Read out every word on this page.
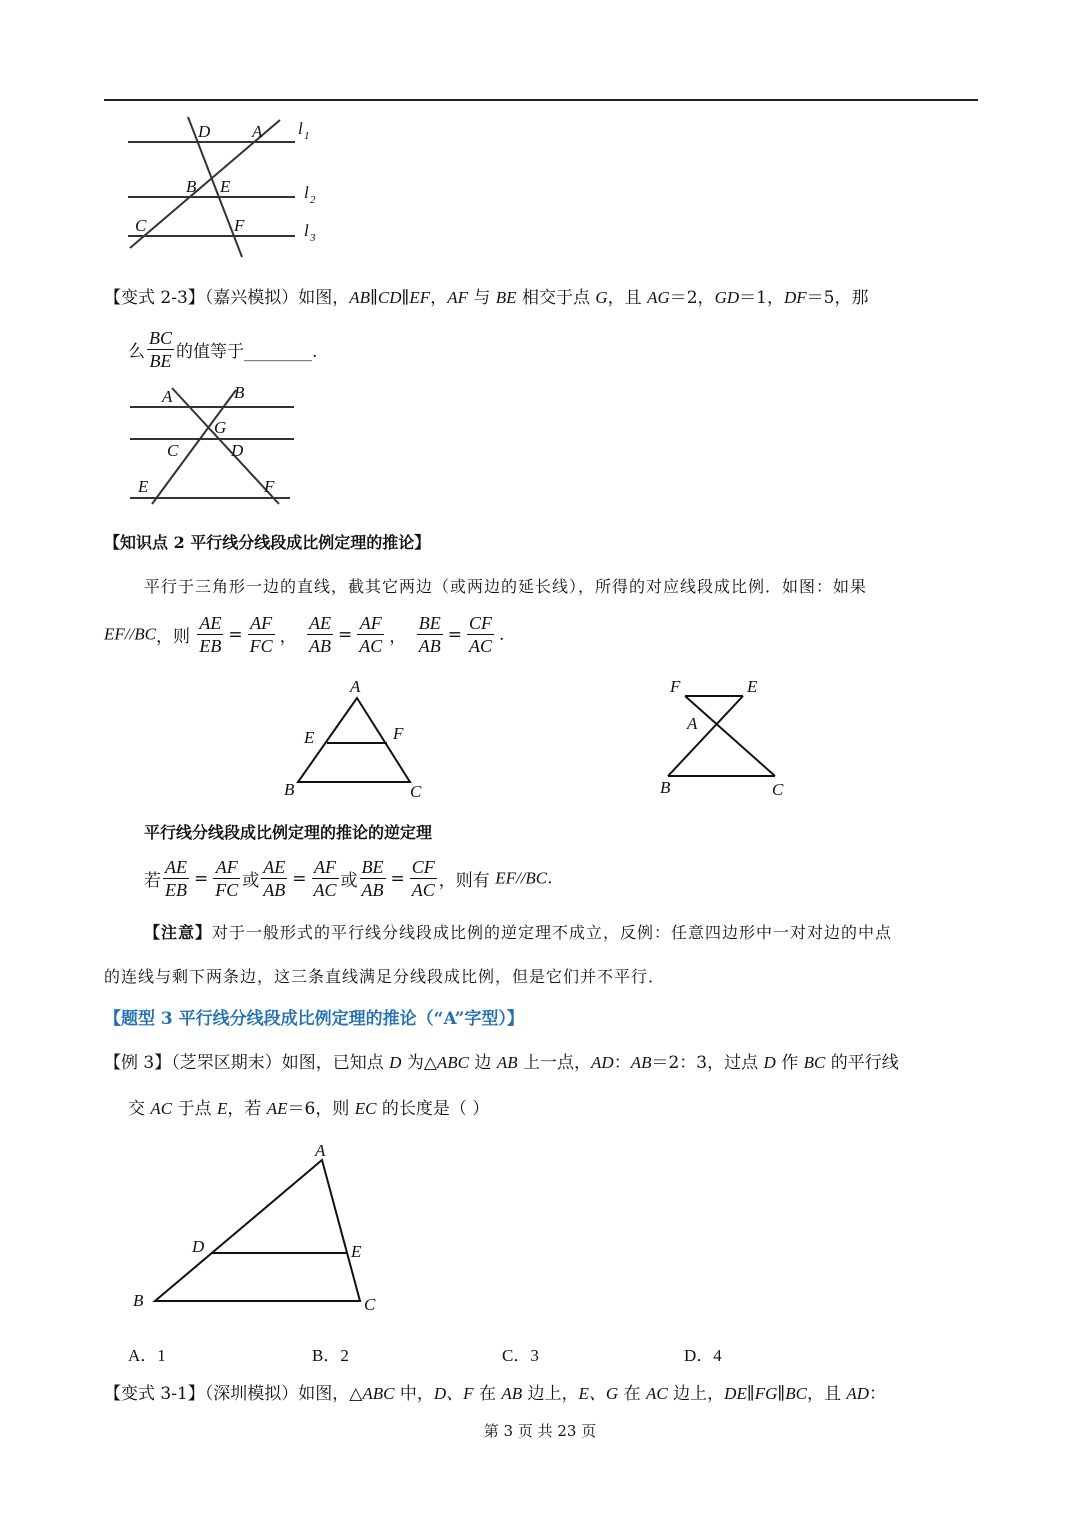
D A l 1
B E	l 2
C	F	l 3
【变式 2-3】（嘉兴模拟）如图，AB∥CD∥EF，AF 与 BE 相交于点 G，且 AG＝2，GD＝1，DF＝5，那
么 $\frac{BC}{BE}$ 的值等于________.
A	B
G
C	D
E	F
【知识点 2 平行线分线段成比例定理的推论】
平行于三角形一边的直线，截其它两边（或两边的延长线），所得的对应线段成比例．如图：如果
EF//BC，则 $\frac{AE}{EB} = \frac{AF}{FC}$ ， $\frac{AE}{AB} = \frac{AF}{AC}$ ， $\frac{BE}{AB} = \frac{CF}{AC}$ .
A
E	F
B	C
F	E
A
B	C
平行线分线段成比例定理的推论的逆定理
若 $\frac{AE}{EB} = \frac{AF}{FC}$ 或 $\frac{AE}{AB} = \frac{AF}{AC}$ 或 $\frac{BE}{AB} = \frac{CF}{AC}$ ，则有 EF//BC.
【注意】对于一般形式的平行线分线段成比例的逆定理不成立，反例：任意四边形中一对对边的中点
的连线与剩下两条边，这三条直线满足分线段成比例，但是它们并不平行．
【题型 3 平行线分线段成比例定理的推论（“A”字型）】
【例 3】（芝罘区期末）如图，已知点 D 为△ABC 边 AB 上一点，AD：AB＝2：3，过点 D 作 BC 的平行线
交 AC 于点 E，若 AE＝6，则 EC 的长度是（ ）
A
D	E
B	C
A．1	B．2	C．3	D．4
【变式 3-1】（深圳模拟）如图，△ABC 中，D、F 在 AB 边上，E、G 在 AC 边上，DE∥FG∥BC，且 AD：
第 3 页 共 23 页
